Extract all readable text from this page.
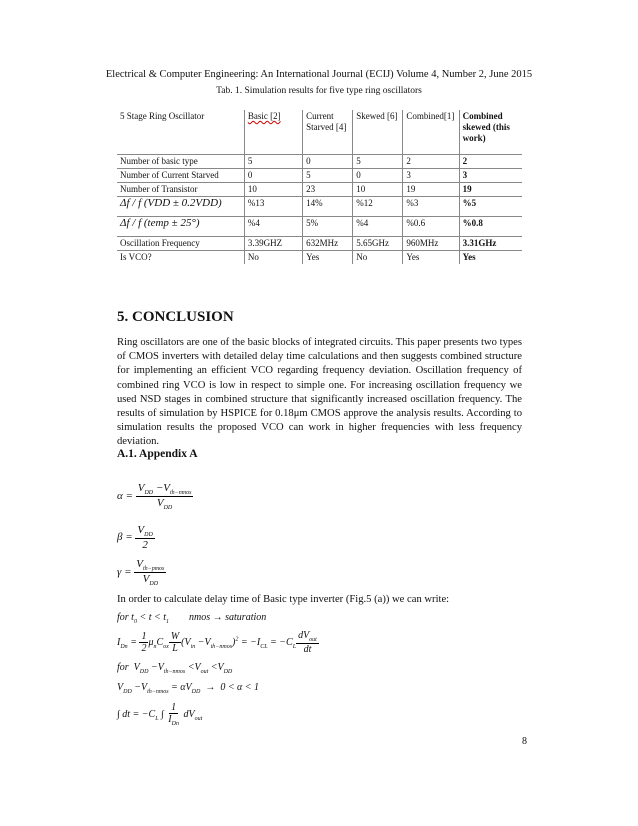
Electrical & Computer Engineering: An International Journal (ECIJ) Volume 4, Number 2, June 2015
Tab. 1. Simulation results for five type ring oscillators
5 Stage Ring Oscillator	Basic [2]	Current Starved [4]	Skewed [6]	Combined[1]	Combined skewed (this work)
Number of basic type	5	0	5	2	2
Number of Current Starved	0	5	0	3	3
Number of Transistor	10	23	10	19	19
Δf / f (VDD ± 0.2VDD)	%13	14%	%12	%3	%5
Δf / f (temp ± 25°)	%4	5%	%4	%0.6	%0.8
Oscillation Frequency	3.39GHZ	632MHz	5.65GHz	960MHz	3.31GHz
Is VCO?	No	Yes	No	Yes	Yes
5. CONCLUSION
Ring oscillators are one of the basic blocks of integrated circuits. This paper presents two types of CMOS inverters with detailed delay time calculations and then suggests combined structure for implementing an efficient VCO regarding frequency deviation. Oscillation frequency of combined ring VCO is low in respect to simple one. For increasing oscillation frequency we used NSD stages in combined structure that significantly increased oscillation frequency. The results of simulation by HSPICE for 0.18μm CMOS approve the analysis results. According to simulation results the proposed VCO can work in higher frequencies with less frequency deviation.
A.1. Appendix A
$\alpha = \frac{V_{DD} -V_{th-nmos}}{V_{DD}}$
$\beta = \frac{V_{DD}}{2}$
$\gamma = \frac{V_{th-pmos}}{V_{DD}}$
In order to calculate delay time of Basic type inverter (Fig.5 (a)) we can write:
for $t_0 < t < t_1$        nmos → saturation
$I_{Dn} = \frac{1}{2} \mu_nC_{ox} \frac{W}{L} (V_{in} -V_{th-nmos})^2 = -I_{CL} = -C_L \frac{dV_{out}}{dt}$
for  $V_{DD} -V_{th-nmos} <V_{out} <V_{DD}$
$V_{DD} -V_{th-nmos} = \alpha V_{DD} \to 0 < \alpha < 1$
∫ dt = $-C_L$ ∫ $\frac{1}{I_{Dn}} dV_{out}$
8
